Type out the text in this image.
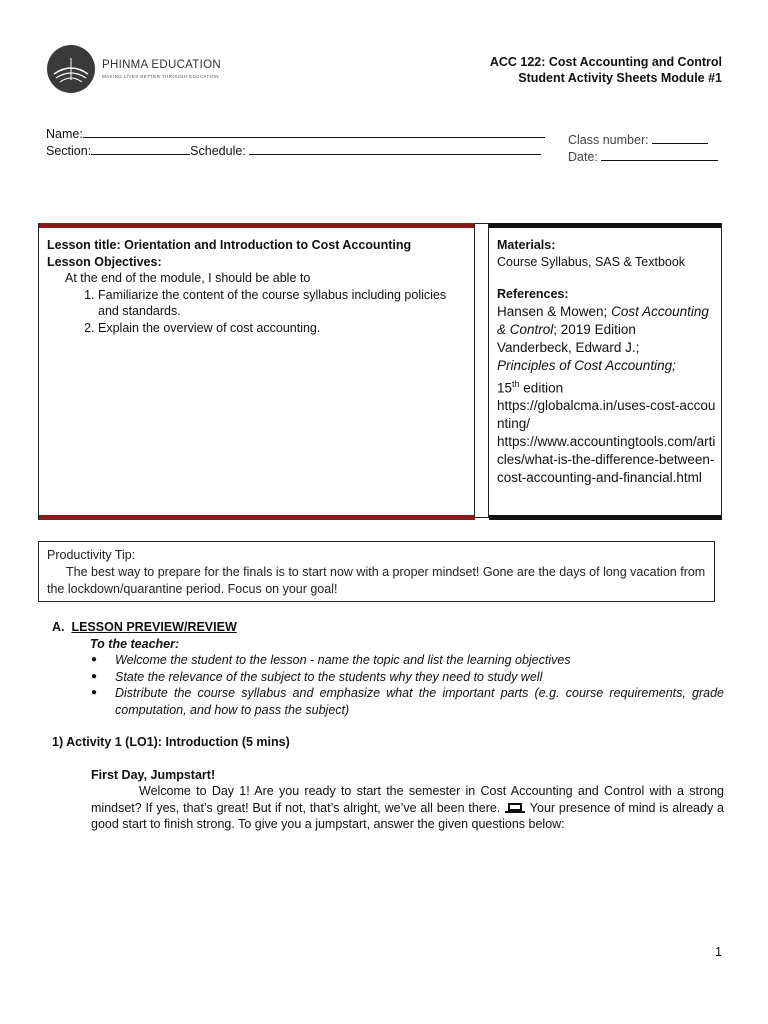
PHINMA EDUCATION
MAKING LIVES BETTER THROUGH EDUCATION
ACC 122: Cost Accounting and Control
Student Activity Sheets Module #1
Name:
Section:	Schedule:
Class number:
Date:
Lesson title: Orientation and Introduction to Cost Accounting
Lesson Objectives:
At the end of the module, I should be able to
1. Familiarize the content of the course syllabus including policies and standards.
2. Explain the overview of cost accounting.
Materials:
Course Syllabus, SAS & Textbook
References:
Hansen & Mowen; Cost Accounting & Control; 2019 Edition
Vanderbeck, Edward J.;
Principles of Cost Accounting;
15th edition
https://globalcma.in/uses-cost-accounting/
https://www.accountingtools.com/articles/what-is-the-difference-between-cost-accounting-and-financial.html
Productivity Tip:
The best way to prepare for the finals is to start now with a proper mindset! Gone are the days of long vacation from the lockdown/quarantine period. Focus on your goal!
A. LESSON PREVIEW/REVIEW
To the teacher:
● Welcome the student to the lesson - name the topic and list the learning objectives
● State the relevance of the subject to the students why they need to study well
● Distribute the course syllabus and emphasize what the important parts (e.g. course requirements, grade computation, and how to pass the subject)
1) Activity 1 (LO1): Introduction (5 mins)
First Day, Jumpstart!
Welcome to Day 1! Are you ready to start the semester in Cost Accounting and Control with a strong mindset? If yes, that’s great! But if not, that’s alright, we’ve all been there.  Your presence of mind is already a good start to finish strong. To give you a jumpstart, answer the given questions below:
1
